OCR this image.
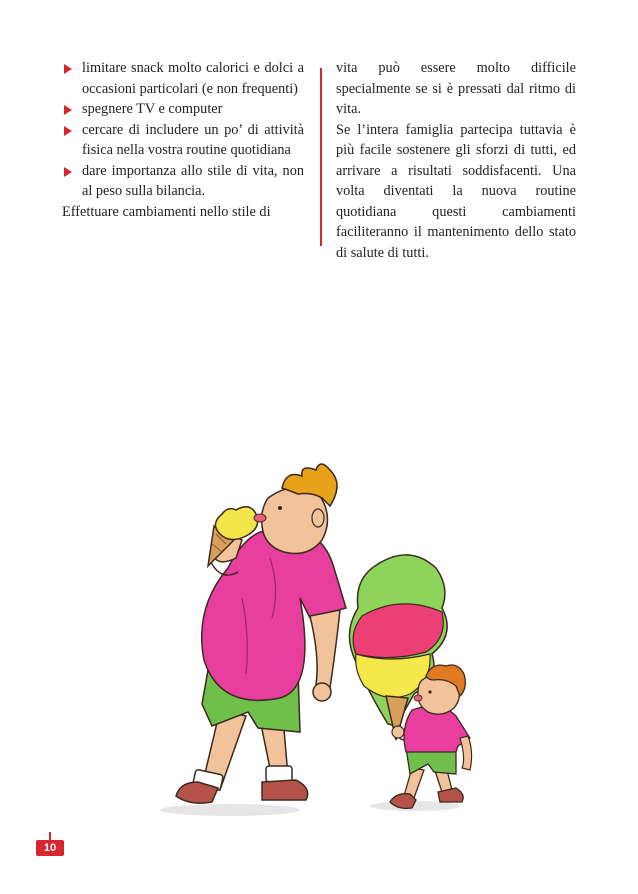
limitare snack molto calorici e dolci a occasioni particolari (e non frequenti)
spegnere TV e computer
cercare di includere un po’ di attività fisica nella vostra routine quotidiana
dare importanza allo stile di vita, non al peso sulla bilancia.

Effettuare cambiamenti nello stile di

vita può essere molto difficile specialmente se si è pressati dal ritmo di vita.

Se l’intera famiglia partecipa tuttavia è più facile sostenere gli sforzi di tutti, ed arrivare a risultati soddisfacenti. Una volta diventati la nuova routine quotidiana questi cambiamenti faciliteranno il mantenimento dello stato di salute di tutti.

10
